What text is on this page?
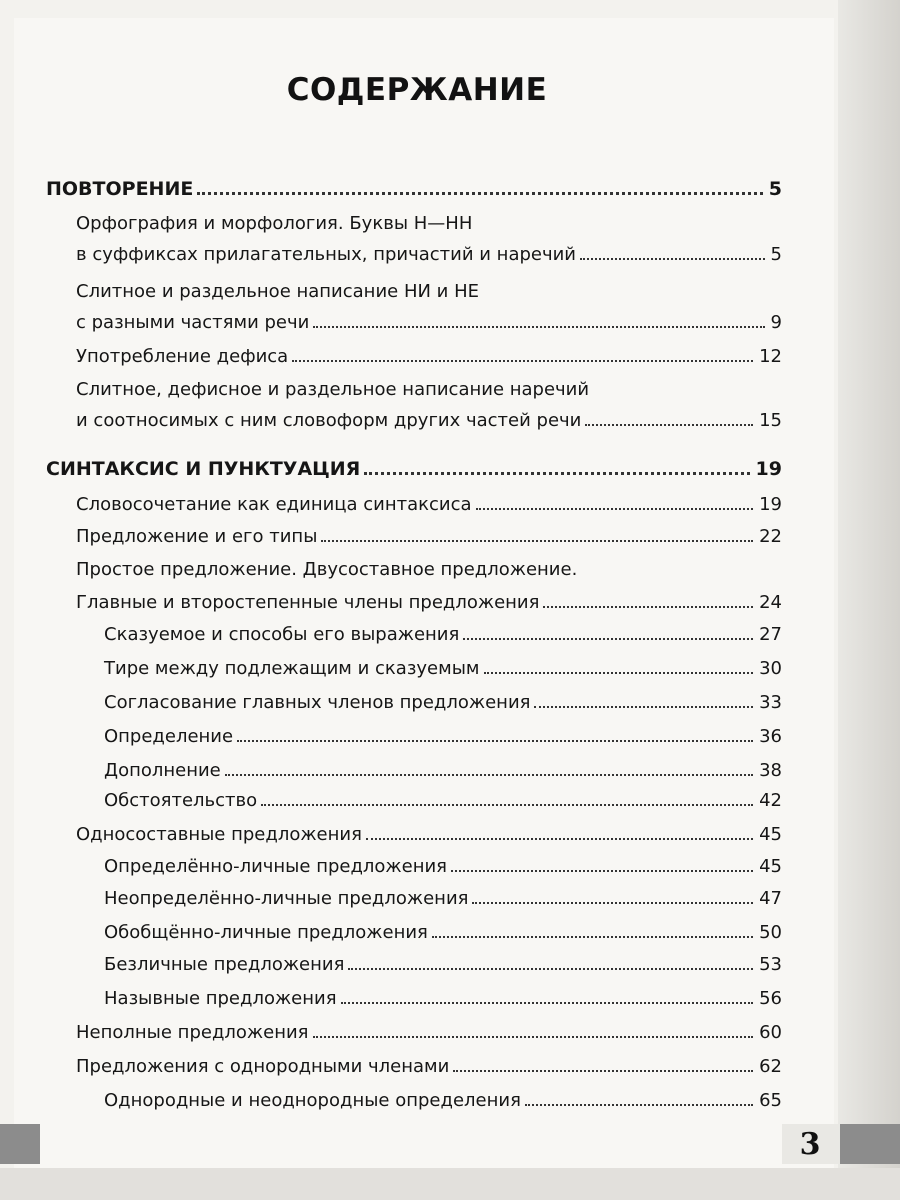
3
СОДЕРЖАНИЕ
ПОВТОРЕНИЕ	5
Орфография и морфология. Буквы Н—НН
в суффиксах прилагательных, причастий и наречий	5
Слитное и раздельное написание НИ и НЕ
с разными частями речи	9
Употребление дефиса	12
Слитное, дефисное и раздельное написание наречий
и соотносимых с ним словоформ других частей речи	15
СИНТАКСИС И ПУНКТУАЦИЯ	19
Словосочетание как единица синтаксиса	19
Предложение и его типы	22
Простое предложение. Двусоставное предложение.
Главные и второстепенные члены предложения	24
Сказуемое и способы его выражения	27
Тире между подлежащим и сказуемым	30
Согласование главных членов предложения	33
Определение	36
Дополнение	38
Обстоятельство	42
Односоставные предложения	45
Определённо-личные предложения	45
Неопределённо-личные предложения	47
Обобщённо-личные предложения	50
Безличные предложения	53
Назывные предложения	56
Неполные предложения	60
Предложения с однородными членами	62
Однородные и неоднородные определения	65
